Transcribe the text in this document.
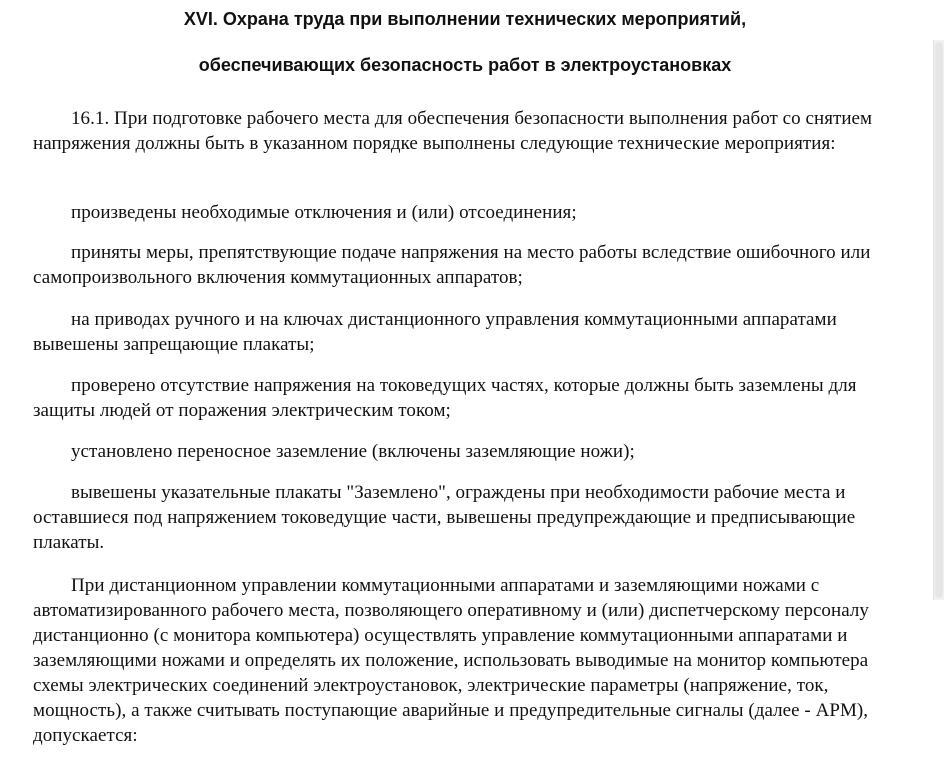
XVI. Охрана труда при выполнении технических мероприятий,

обеспечивающих безопасность работ в электроустановках

16.1. При подготовке рабочего места для обеспечения безопасности выполнения работ со снятием напряжения должны быть в указанном порядке выполнены следующие технические мероприятия:

произведены необходимые отключения и (или) отсоединения;

приняты меры, препятствующие подаче напряжения на место работы вследствие ошибочного или самопроизвольного включения коммутационных аппаратов;

на приводах ручного и на ключах дистанционного управления коммутационными аппаратами вывешены запрещающие плакаты;

проверено отсутствие напряжения на токоведущих частях, которые должны быть заземлены для защиты людей от поражения электрическим током;

установлено переносное заземление (включены заземляющие ножи);

вывешены указательные плакаты "Заземлено", ограждены при необходимости рабочие места и оставшиеся под напряжением токоведущие части, вывешены предупреждающие и предписывающие плакаты.

При дистанционном управлении коммутационными аппаратами и заземляющими ножами с автоматизированного рабочего места, позволяющего оперативному и (или) диспетчерскому персоналу дистанционно (с монитора компьютера) осуществлять управление коммутационными аппаратами и заземляющими ножами и определять их положение, использовать выводимые на монитор компьютера схемы электрических соединений электроустановок, электрические параметры (напряжение, ток, мощность), а также считывать поступающие аварийные и предупредительные сигналы (далее - АРМ), допускается:
